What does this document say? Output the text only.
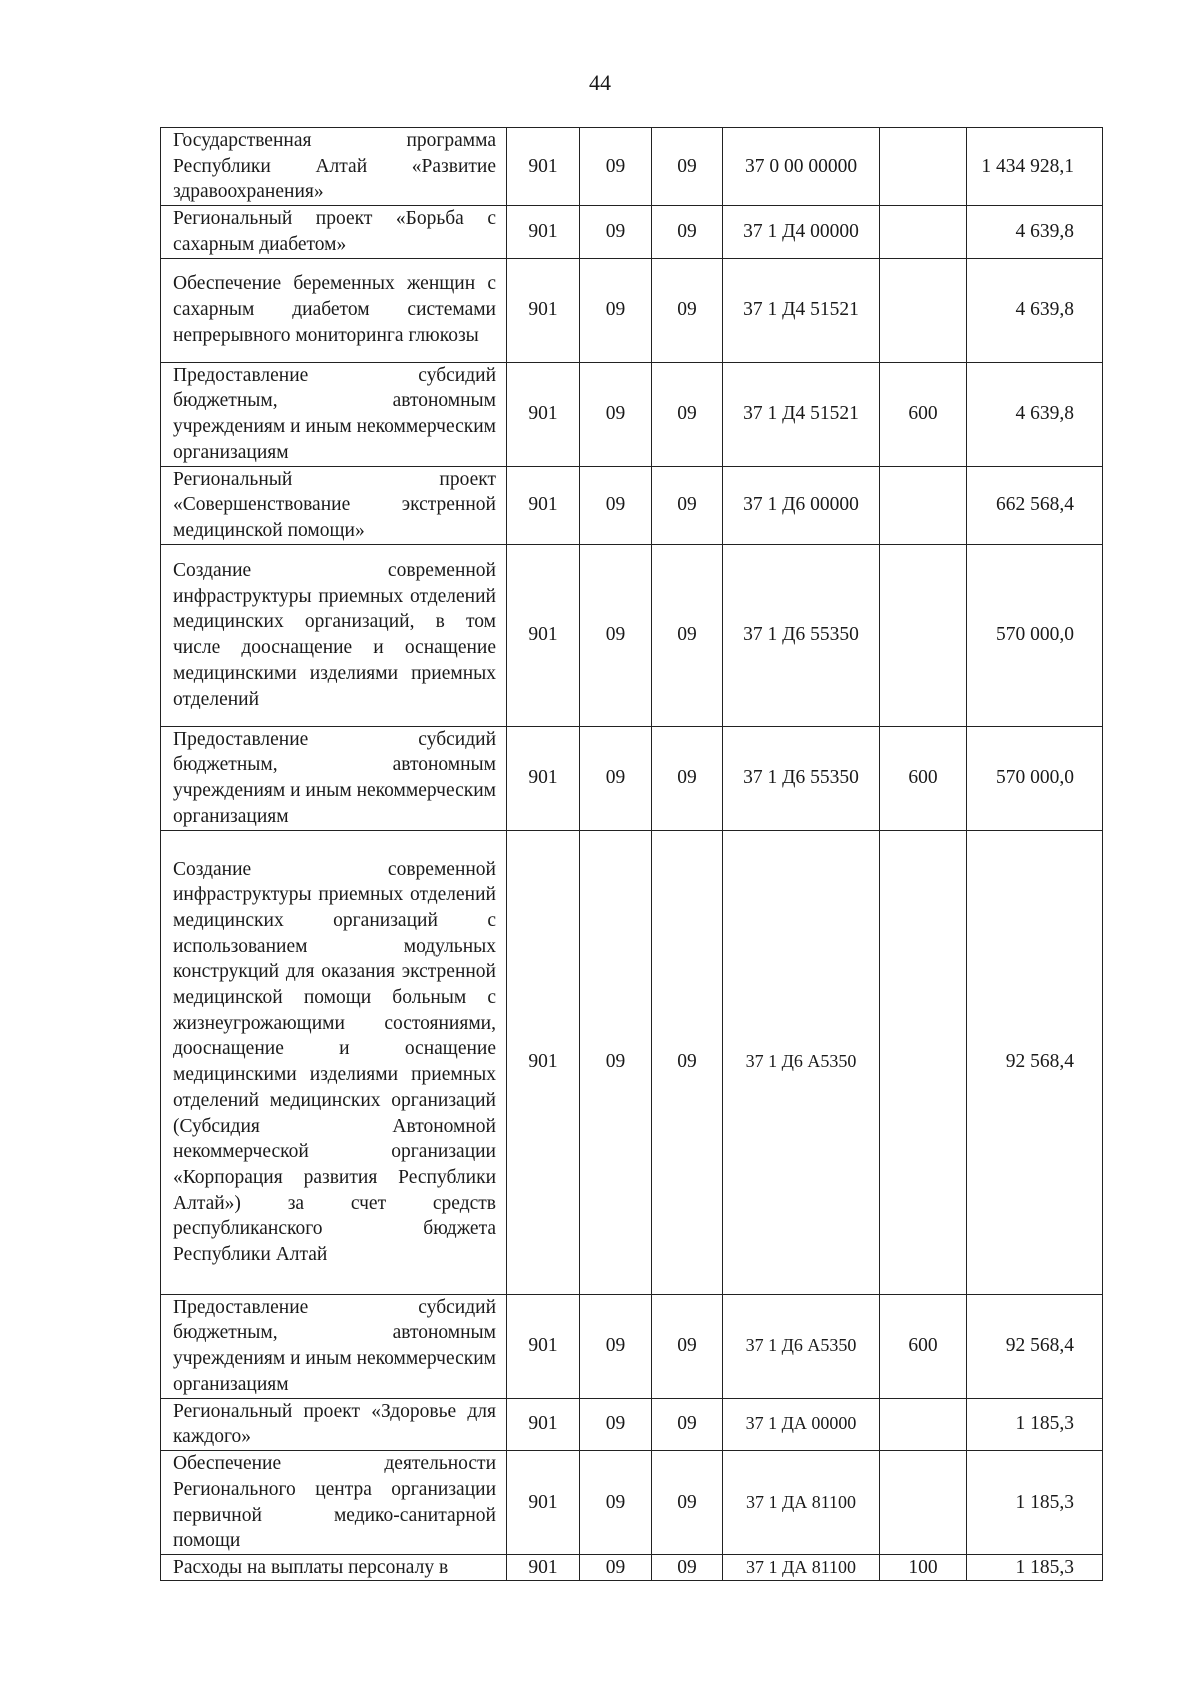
44
Государственная программа Республики Алтай «Развитие здравоохранения»	901	09	09	37 0 00 00000		1 434 928,1
Региональный проект «Борьба с сахарным диабетом»	901	09	09	37 1 Д4 00000		4 639,8
Обеспечение беременных женщин с сахарным диабетом системами непрерывного мониторинга глюкозы	901	09	09	37 1 Д4 51521		4 639,8
Предоставление субсидий бюджетным, автономным учреждениям и иным некоммерческим организациям	901	09	09	37 1 Д4 51521	600	4 639,8
Региональный проект «Совершенствование экстренной медицинской помощи»	901	09	09	37 1 Д6 00000		662 568,4
Создание современной инфраструктуры приемных отделений медицинских организаций, в том числе дооснащение и оснащение медицинскими изделиями приемных отделений	901	09	09	37 1 Д6 55350		570 000,0
Предоставление субсидий бюджетным, автономным учреждениям и иным некоммерческим организациям	901	09	09	37 1 Д6 55350	600	570 000,0
Создание современной инфраструктуры приемных отделений медицинских организаций с использованием модульных конструкций для оказания экстренной медицинской помощи больным с жизнеугрожающими состояниями, дооснащение и оснащение медицинскими изделиями приемных отделений медицинских организаций (Субсидия Автономной некоммерческой организации «Корпорация развития Республики Алтай») за счет средств республиканского бюджета Республики Алтай	901	09	09	37 1 Д6 А5350		92 568,4
Предоставление субсидий бюджетным, автономным учреждениям и иным некоммерческим организациям	901	09	09	37 1 Д6 А5350	600	92 568,4
Региональный проект «Здоровье для каждого»	901	09	09	37 1 ДА 00000		1 185,3
Обеспечение деятельности Регионального центра организации первичной медико-санитарной помощи	901	09	09	37 1 ДА 81100		1 185,3
Расходы на выплаты персоналу в	901	09	09	37 1 ДА 81100	100	1 185,3
